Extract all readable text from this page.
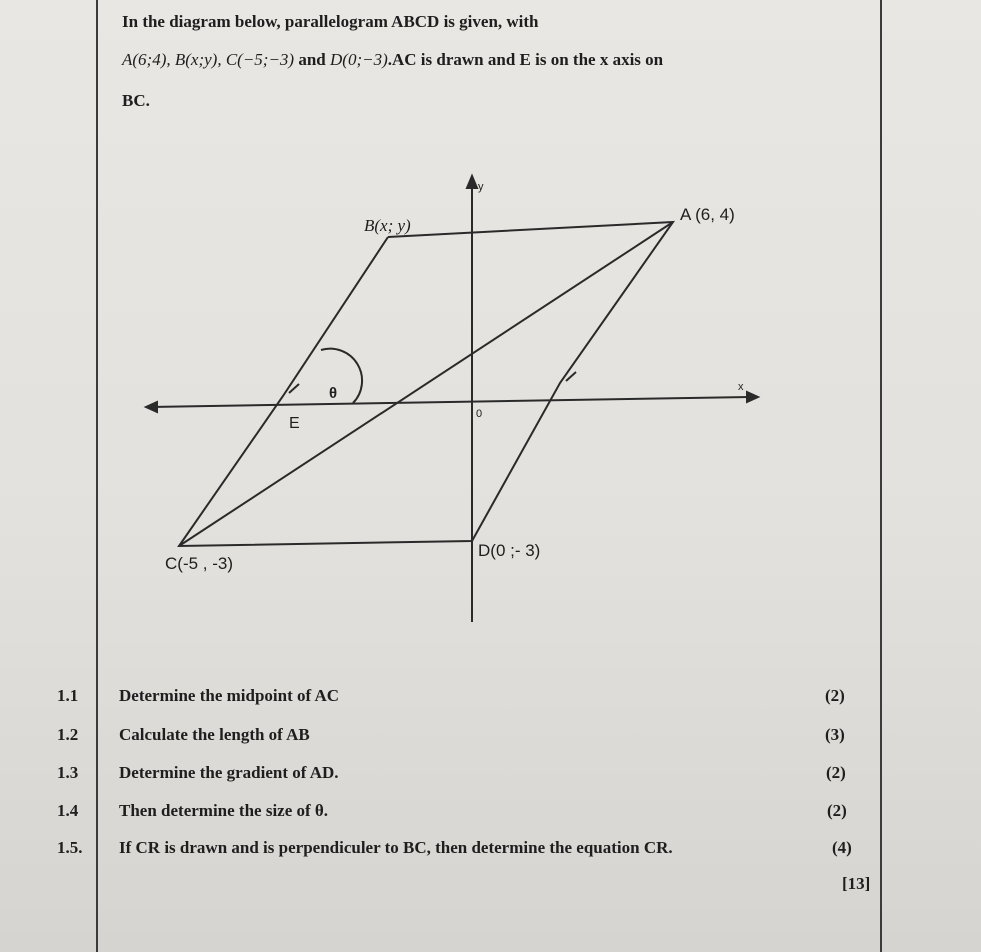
In the diagram below, parallelogram ABCD is given, with
A(6;4), B(x;y), C(−5;−3) and D(0;−3).AC is drawn and E is on the x axis on
BC.
y
x
0
A (6, 4)
B(x; y)
C(-5 , -3)
D(0 ;- 3)
E
θ
1.1 Determine the midpoint of AC	(2)
1.2 Calculate the length of AB	(3)
1.3 Determine the gradient of AD.	(2)
1.4 Then determine the size of θ.	(2)
1.5. If CR is drawn and is perpendiculer to BC, then determine the equation CR.	(4)
[13]
